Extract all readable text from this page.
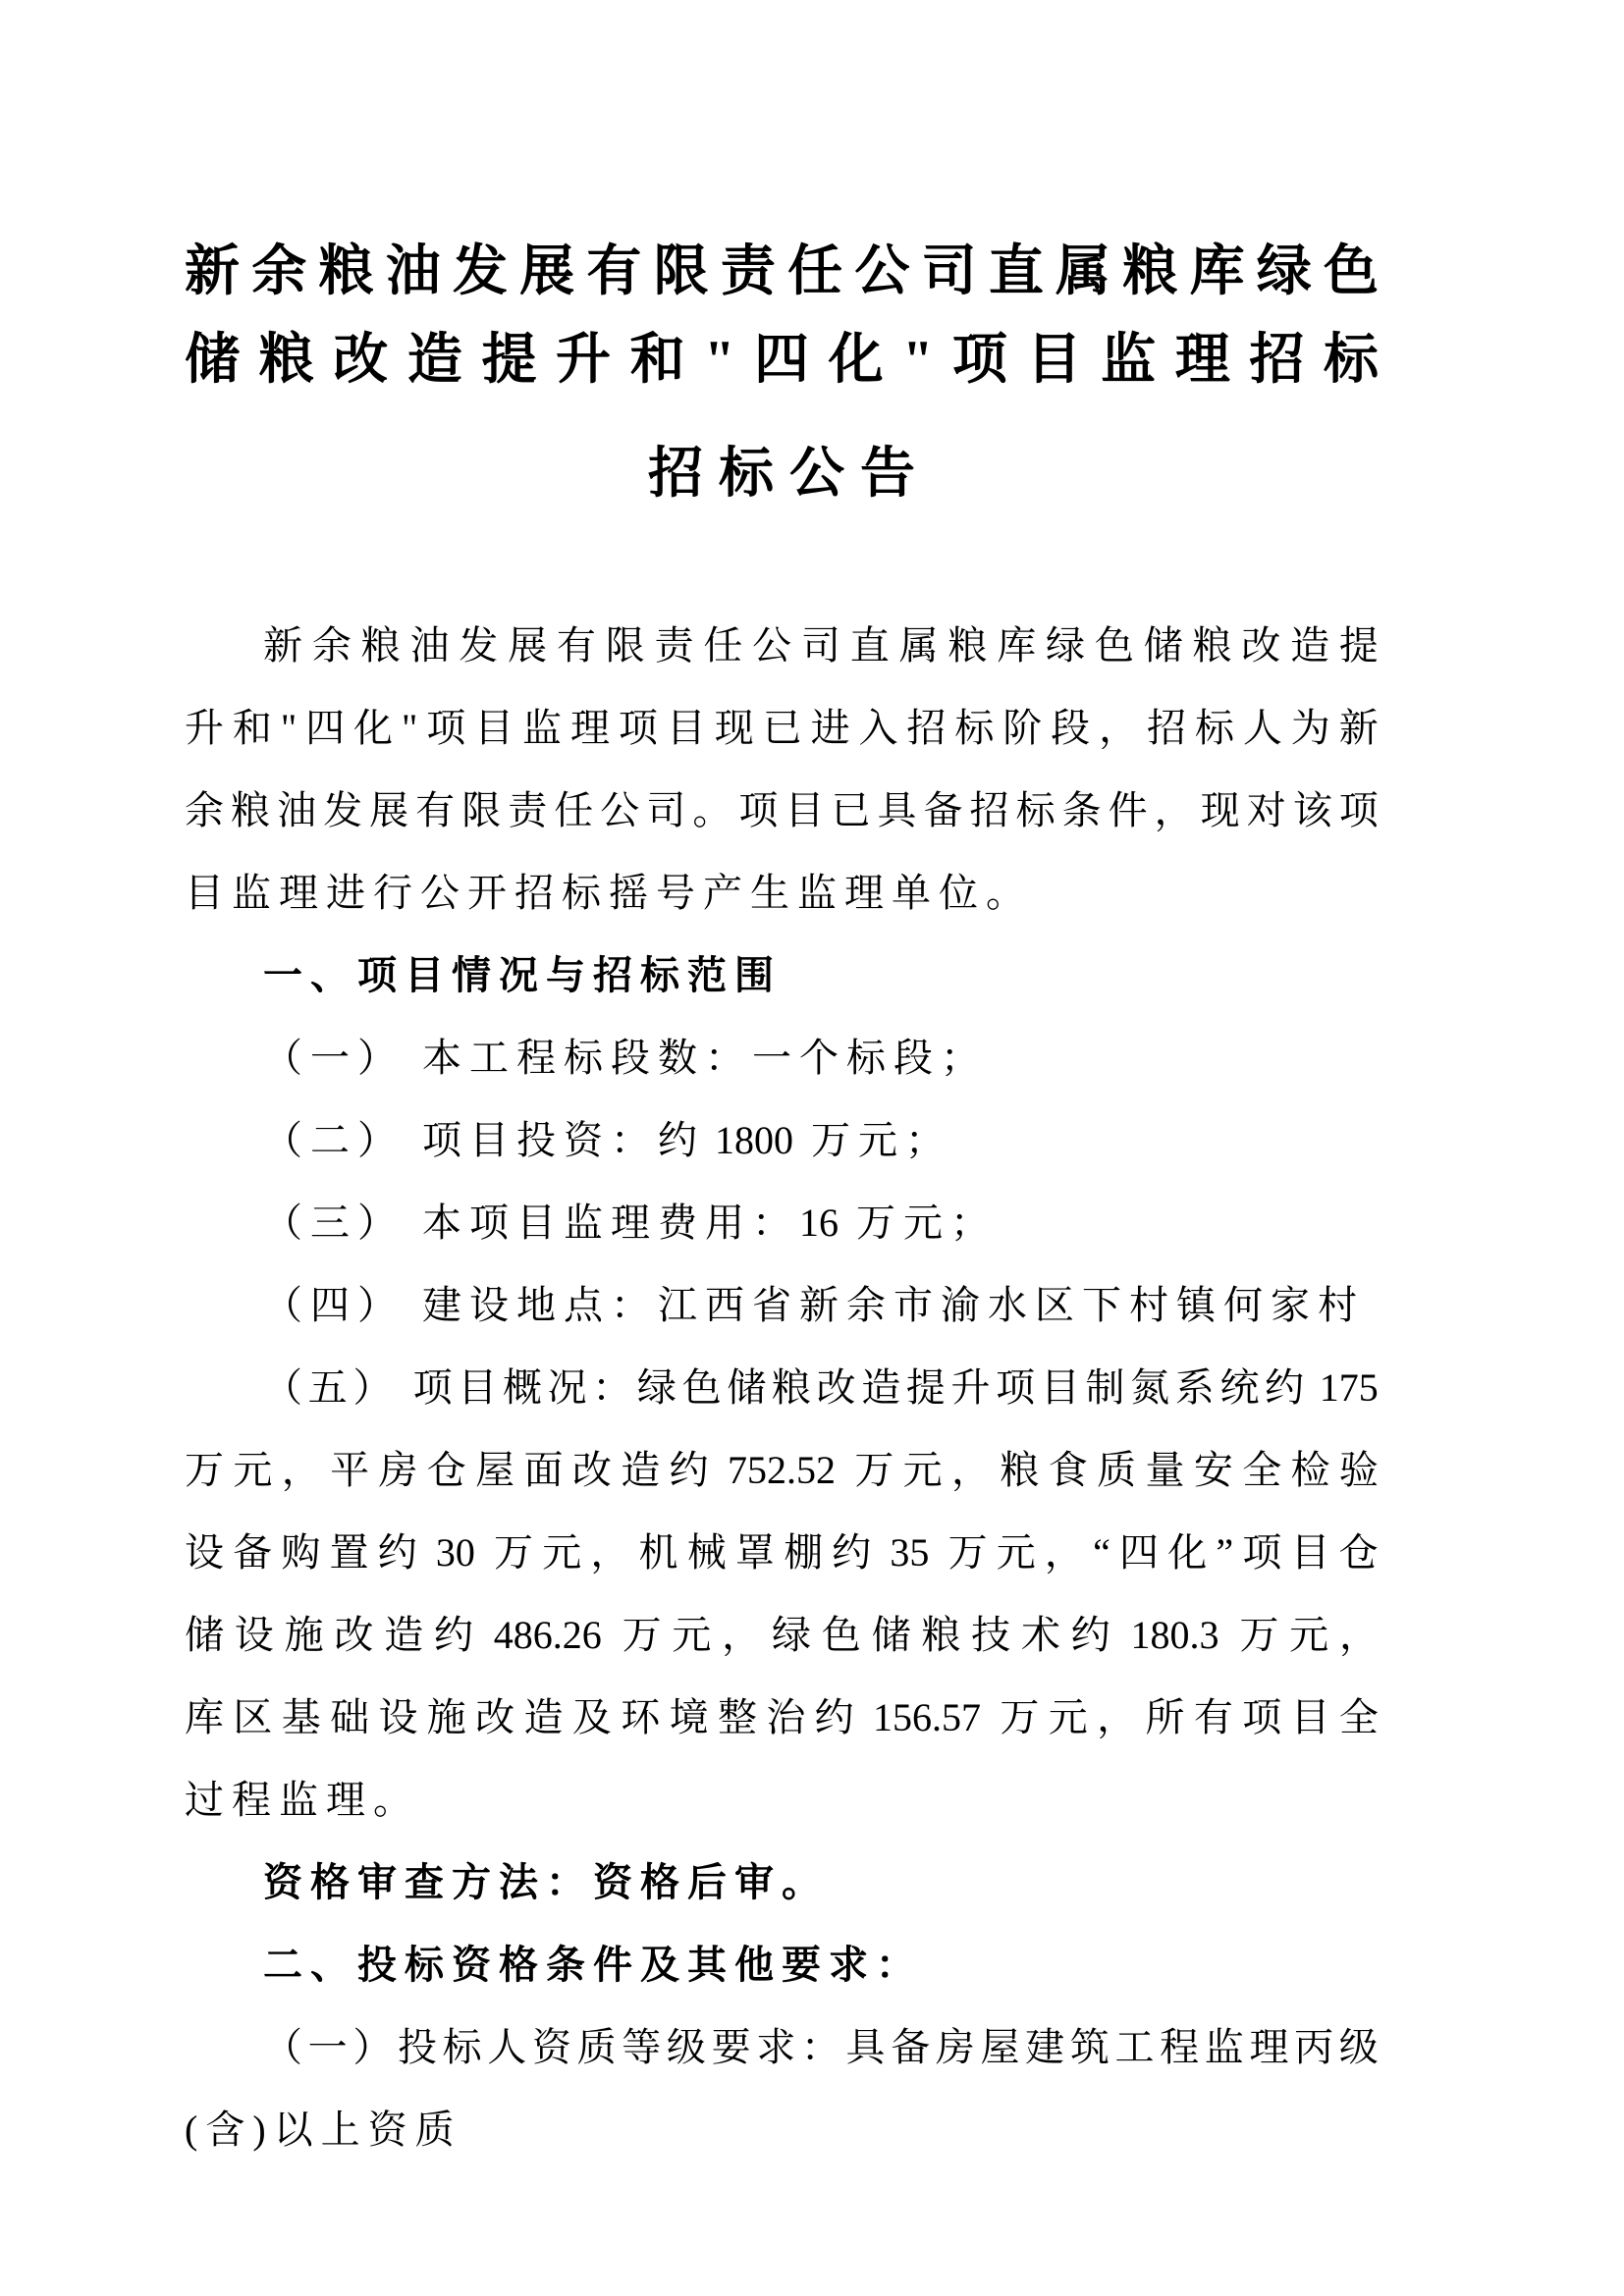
新 余 粮 油 发 展 有 限 责 任 公 司 直 属 粮 库 绿 色
储 粮 改 造 提 升 和 " 四 化 " 项 目 监 理 招 标
招 标 公 告
新 余 粮 油 发 展 有 限 责 任 公 司 直 属 粮 库 绿 色 储 粮 改 造 提
升 和 " 四 化 " 项 目 监 理 项 目 现 已 进 入 招 标 阶 段 ， 招 标 人 为 新
余 粮 油 发 展 有 限 责 任 公 司 。 项 目 已 具 备 招 标 条 件 ， 现 对 该 项
目 监 理 进 行 公 开 招 标 摇 号 产 生 监 理 单 位 。
一 、 项 目 情 况 与 招 标 范 围
（ 一 ）
本 工 程 标 段 数 ： 一 个 标 段 ；
（ 二 ）
项 目 投 资 ： 约 1800 万 元 ；
（ 三 ）
本 项 目 监 理 费 用 ： 16 万 元 ；
（ 四 ）
建 设 地 点 ： 江 西 省 新 余 市 渝 水 区 下 村 镇 何 家 村
（ 五 ）
项 目 概 况 ： 绿 色 储 粮 改 造 提 升 项 目 制 氮 系 统 约 175
万 元 ， 平 房 仓 屋 面 改 造 约 752.52 万 元 ， 粮 食 质 量 安 全 检 验
设 备 购 置 约 30 万 元 ， 机 械 罩 棚 约 35 万 元 ， “ 四 化 ” 项 目 仓
储 设 施 改 造 约 486.26 万 元 ， 绿 色 储 粮 技 术 约 180.3 万 元 ，
库 区 基 础 设 施 改 造 及 环 境 整 治 约 156.57 万 元 ， 所 有 项 目 全
过 程 监 理 。
资 格 审 查 方 法 ： 资 格 后 审 。
二 、 投 标 资 格 条 件 及 其 他 要 求 ：
（ 一 ） 投 标 人 资 质 等 级 要 求 ： 具 备 房 屋 建 筑 工 程 监 理 丙 级
( 含 ) 以 上 资 质
